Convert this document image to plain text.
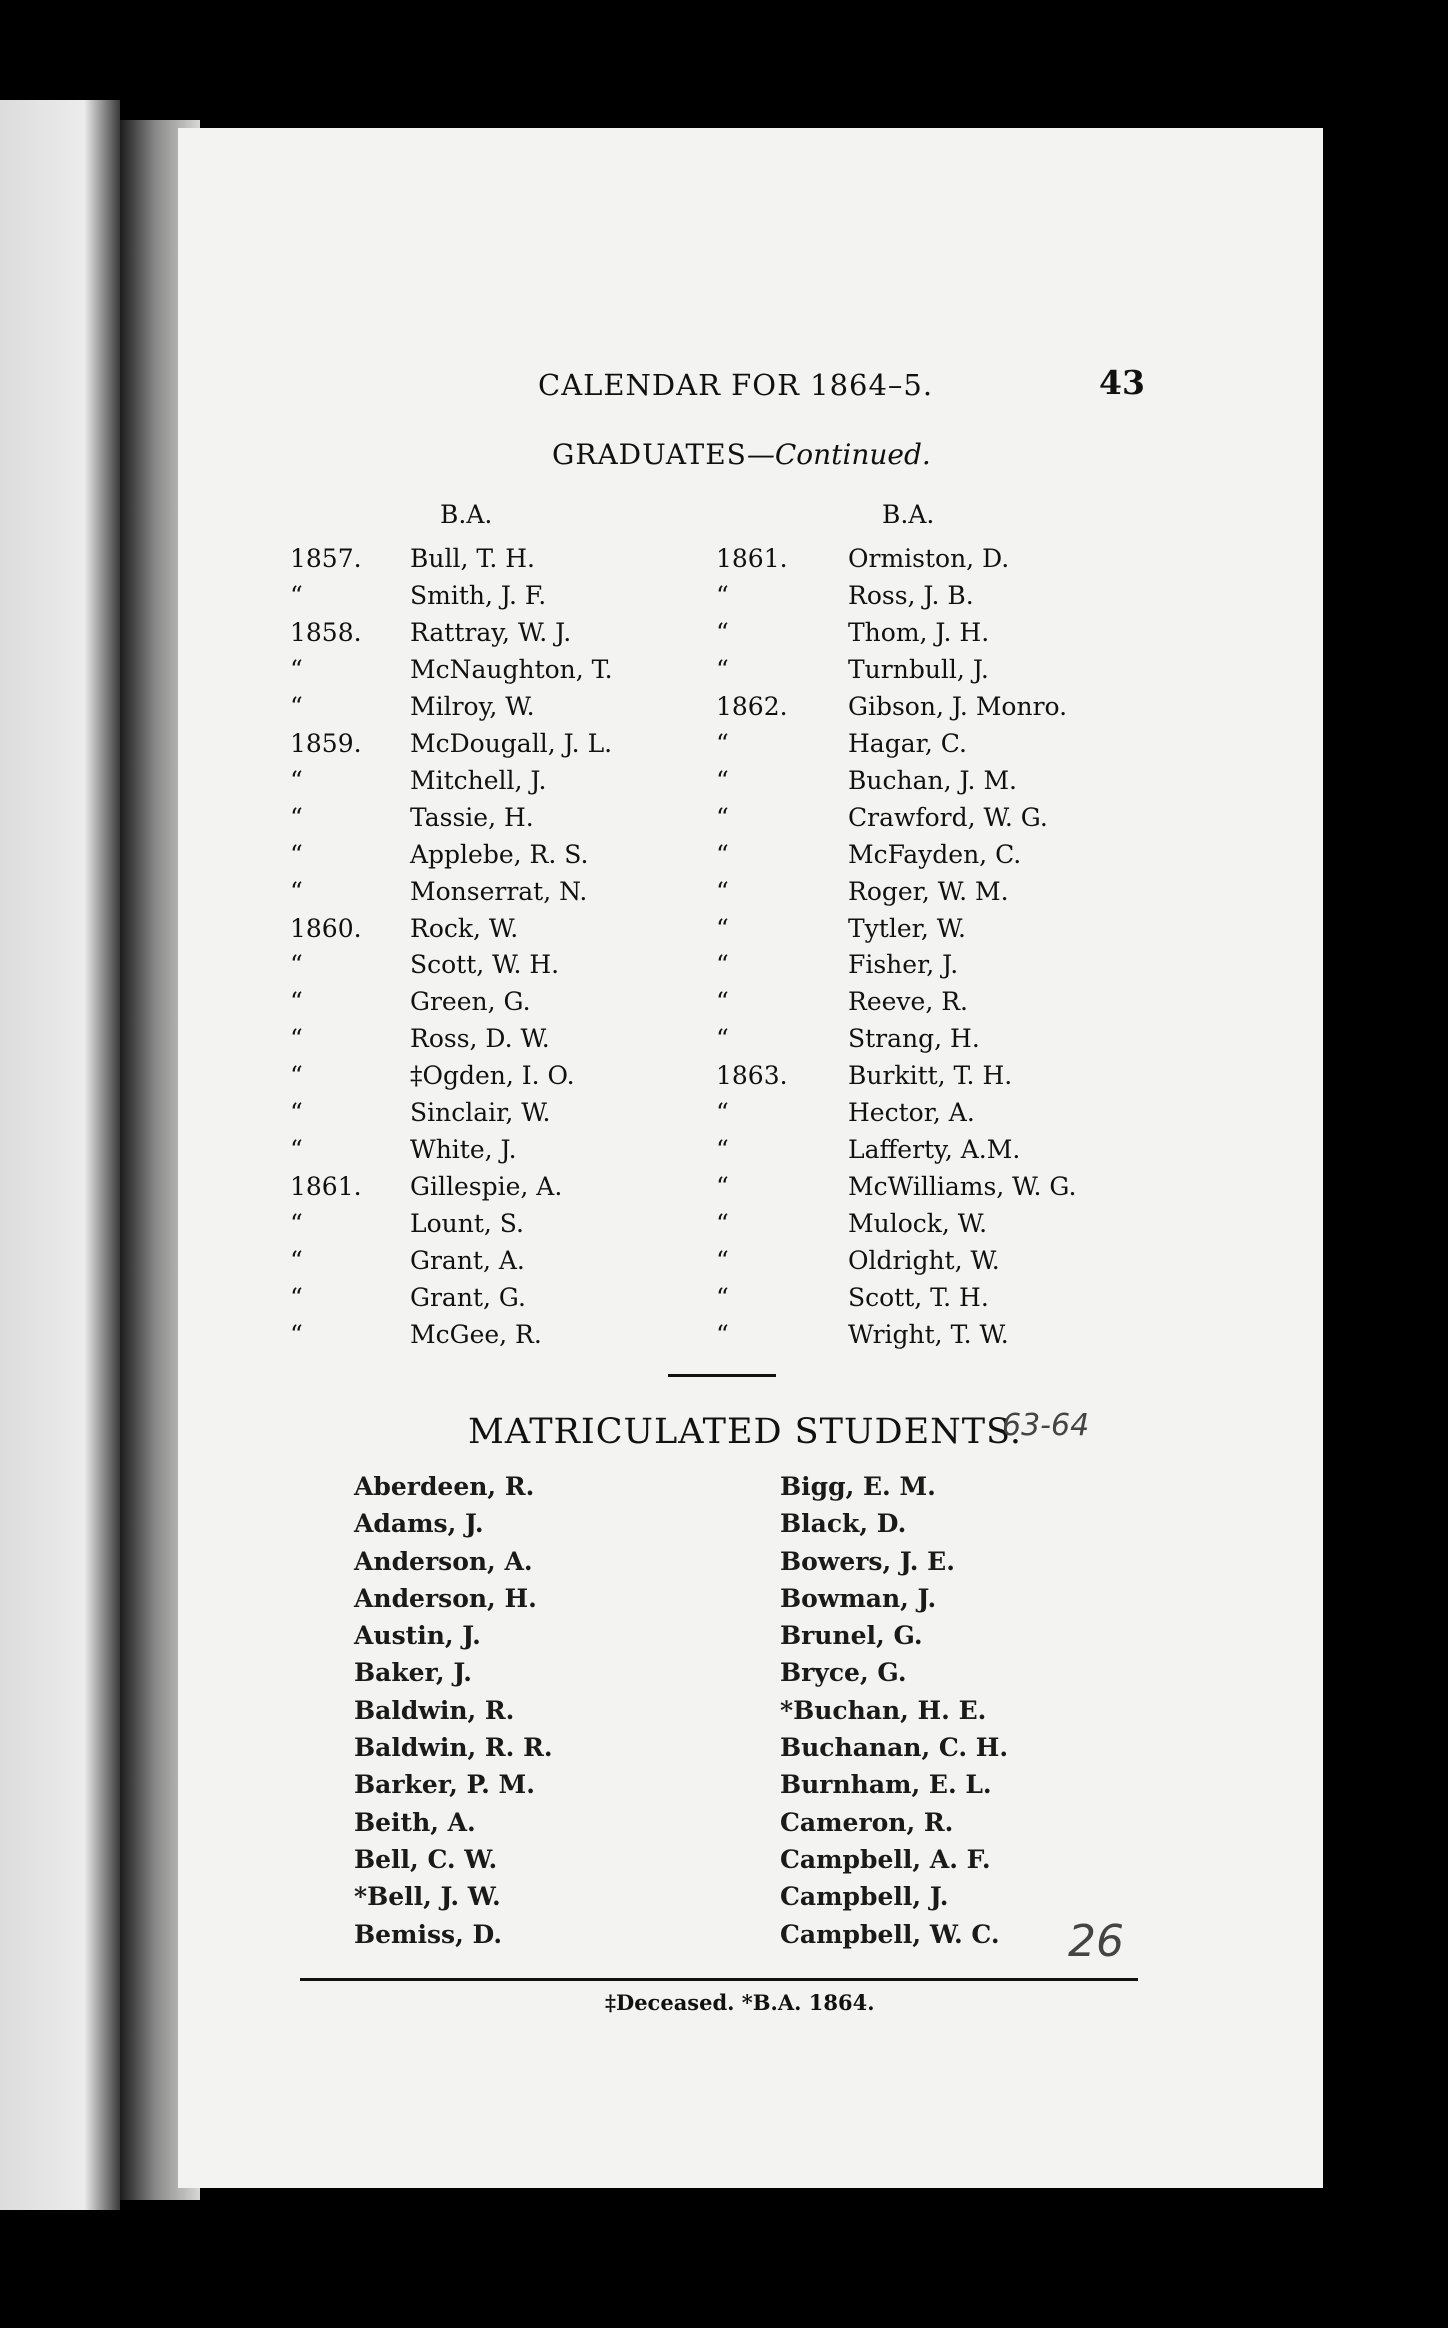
CALENDAR FOR 1864–5.	43
GRADUATES—Continued.
B.A.	B.A.
1857. Bull, T. H.
“	Smith, J. F.
1858. Rattray, W. J.
“	McNaughton, T.
“	Milroy, W.
1859. McDougall, J. L.
“	Mitchell, J.
“	Tassie, H.
“	Applebe, R. S.
“	Monserrat, N.
1860. Rock, W.
“	Scott, W. H.
“	Green, G.
“	Ross, D. W.
“	‡Ogden, I. O.
“	Sinclair, W.
“	White, J.
1861. Gillespie, A.
“	Lount, S.
“	Grant, A.
“	Grant, G.
“	McGee, R.
1861. Ormiston, D.
“	Ross, J. B.
“	Thom, J. H.
“	Turnbull, J.
1862. Gibson, J. Monro.
“	Hagar, C.
“	Buchan, J. M.
“	Crawford, W. G.
“	McFayden, C.
“	Roger, W. M.
“	Tytler, W.
“	Fisher, J.
“	Reeve, R.
“	Strang, H.
1863. Burkitt, T. H.
“	Hector, A.
“	Lafferty, A.M.
“	McWilliams, W. G.
“	Mulock, W.
“	Oldright, W.
“	Scott, T. H.
“	Wright, T. W.
MATRICULATED STUDENTS.
63-64
Aberdeen, R.
Adams, J.
Anderson, A.
Anderson, H.
Austin, J.
Baker, J.
Baldwin, R.
Baldwin, R. R.
Barker, P. M.
Beith, A.
Bell, C. W.
*Bell, J. W.
Bemiss, D.
Bigg, E. M.
Black, D.
Bowers, J. E.
Bowman, J.
Brunel, G.
Bryce, G.
*Buchan, H. E.
Buchanan, C. H.
Burnham, E. L.
Cameron, R.
Campbell, A. F.
Campbell, J.
Campbell, W. C. 26
‡Deceased. *B.A. 1864.
